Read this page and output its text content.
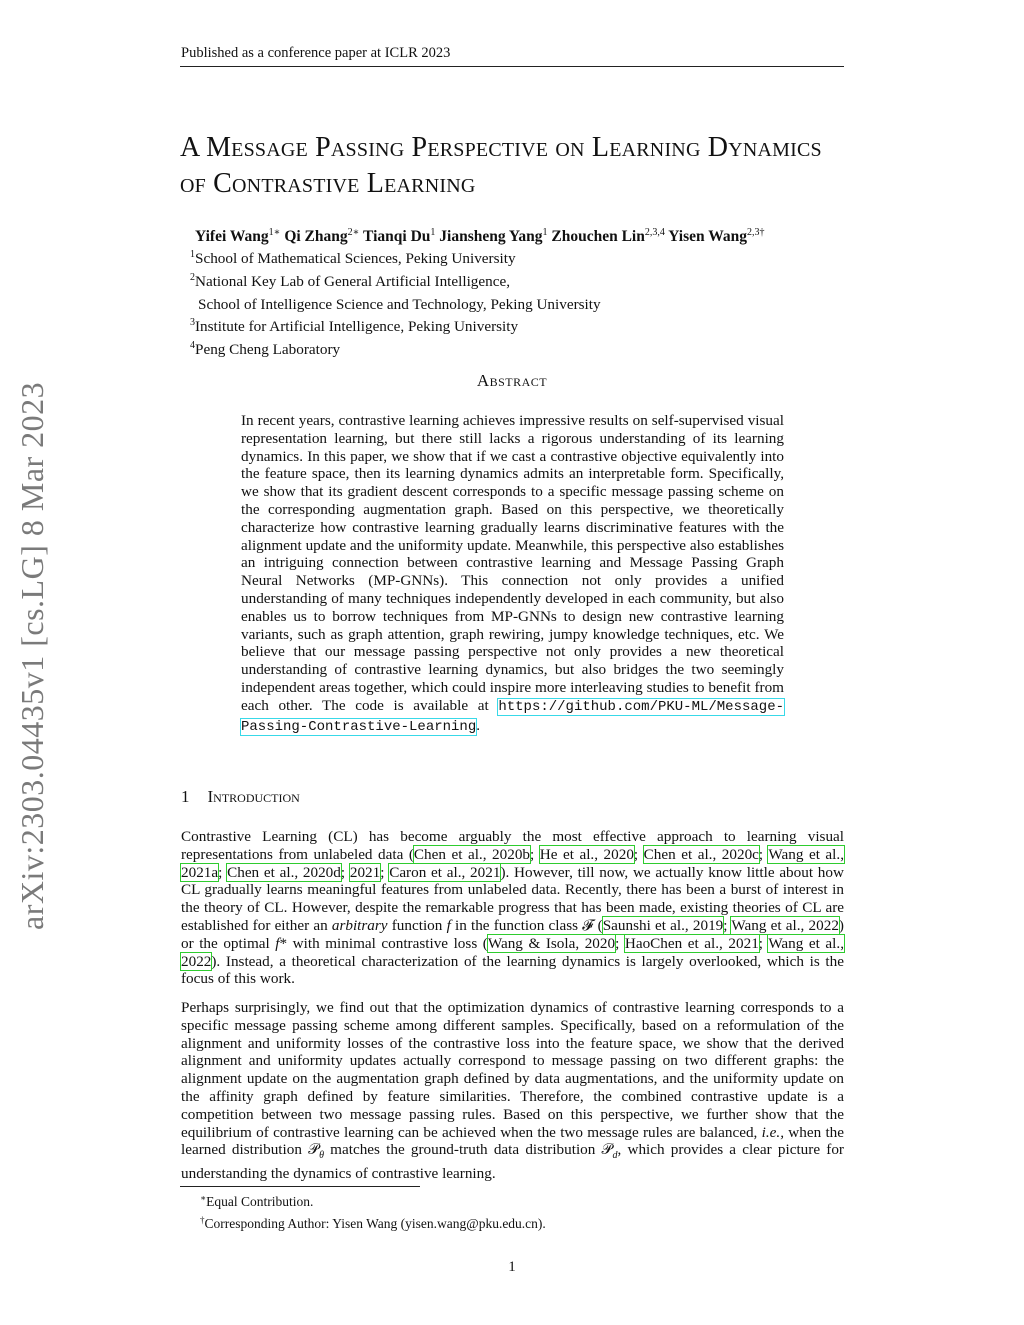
Published as a conference paper at ICLR 2023
arXiv:2303.04435v1 [cs.LG] 8 Mar 2023
A Message Passing Perspective on Learning Dynamics of Contrastive Learning
Yifei Wang$^{1∗}$ Qi Zhang$^{2∗}$ Tianqi Du$^1$ Jiansheng Yang$^1$ Zhouchen Lin$^{2,3,4}$ Yisen Wang$^{2,3\dagger}$
$^1$School of Mathematical Sciences, Peking University
$^2$National Key Lab of General Artificial Intelligence,
School of Intelligence Science and Technology, Peking University
$^3$Institute for Artificial Intelligence, Peking University
$^4$Peng Cheng Laboratory
Abstract
In recent years, contrastive learning achieves impressive results on self-supervised visual representation learning, but there still lacks a rigorous understanding of its learning dynamics. In this paper, we show that if we cast a contrastive objective equivalently into the feature space, then its learning dynamics admits an interpretable form. Specifically, we show that its gradient descent corresponds to a specific message passing scheme on the corresponding augmentation graph. Based on this perspective, we theoretically characterize how contrastive learning gradually learns discriminative features with the alignment update and the uniformity update. Meanwhile, this perspective also establishes an intriguing connection between contrastive learning and Message Passing Graph Neural Networks (MP-GNNs). This connection not only provides a unified understanding of many techniques independently developed in each community, but also enables us to borrow techniques from MP-GNNs to design new contrastive learning variants, such as graph attention, graph rewiring, jumpy knowledge techniques, etc. We believe that our message passing perspective not only provides a new theoretical understanding of contrastive learning dynamics, but also bridges the two seemingly independent areas together, which could inspire more interleaving studies to benefit from each other. The code is available at https://github.com/PKU-ML/Message-Passing-Contrastive-Learning.
1 Introduction
Contrastive Learning (CL) has become arguably the most effective approach to learning visual representations from unlabeled data (Chen et al., 2020b; He et al., 2020; Chen et al., 2020c; Wang et al., 2021a; Chen et al., 2020d; 2021; Caron et al., 2021). However, till now, we actually know little about how CL gradually learns meaningful features from unlabeled data. Recently, there has been a burst of interest in the theory of CL. However, despite the remarkable progress that has been made, existing theories of CL are established for either an arbitrary function f in the function class 𝓕 (Saunshi et al., 2019; Wang et al., 2022) or the optimal f* with minimal contrastive loss (Wang & Isola, 2020; HaoChen et al., 2021; Wang et al., 2022). Instead, a theoretical characterization of the learning dynamics is largely overlooked, which is the focus of this work.
Perhaps surprisingly, we find out that the optimization dynamics of contrastive learning corresponds to a specific message passing scheme among different samples. Specifically, based on a reformulation of the alignment and uniformity losses of the contrastive loss into the feature space, we show that the derived alignment and uniformity updates actually correspond to message passing on two different graphs: the alignment update on the augmentation graph defined by data augmentations, and the uniformity update on the affinity graph defined by feature similarities. Therefore, the combined contrastive update is a competition between two message passing rules. Based on this perspective, we further show that the equilibrium of contrastive learning can be achieved when the two message rules are balanced, i.e., when the learned distribution 𝒫$_\theta$ matches the ground-truth data distribution 𝒫$_d$, which provides a clear picture for understanding the dynamics of contrastive learning.
∗Equal Contribution.
†Corresponding Author: Yisen Wang (yisen.wang@pku.edu.cn).
1
